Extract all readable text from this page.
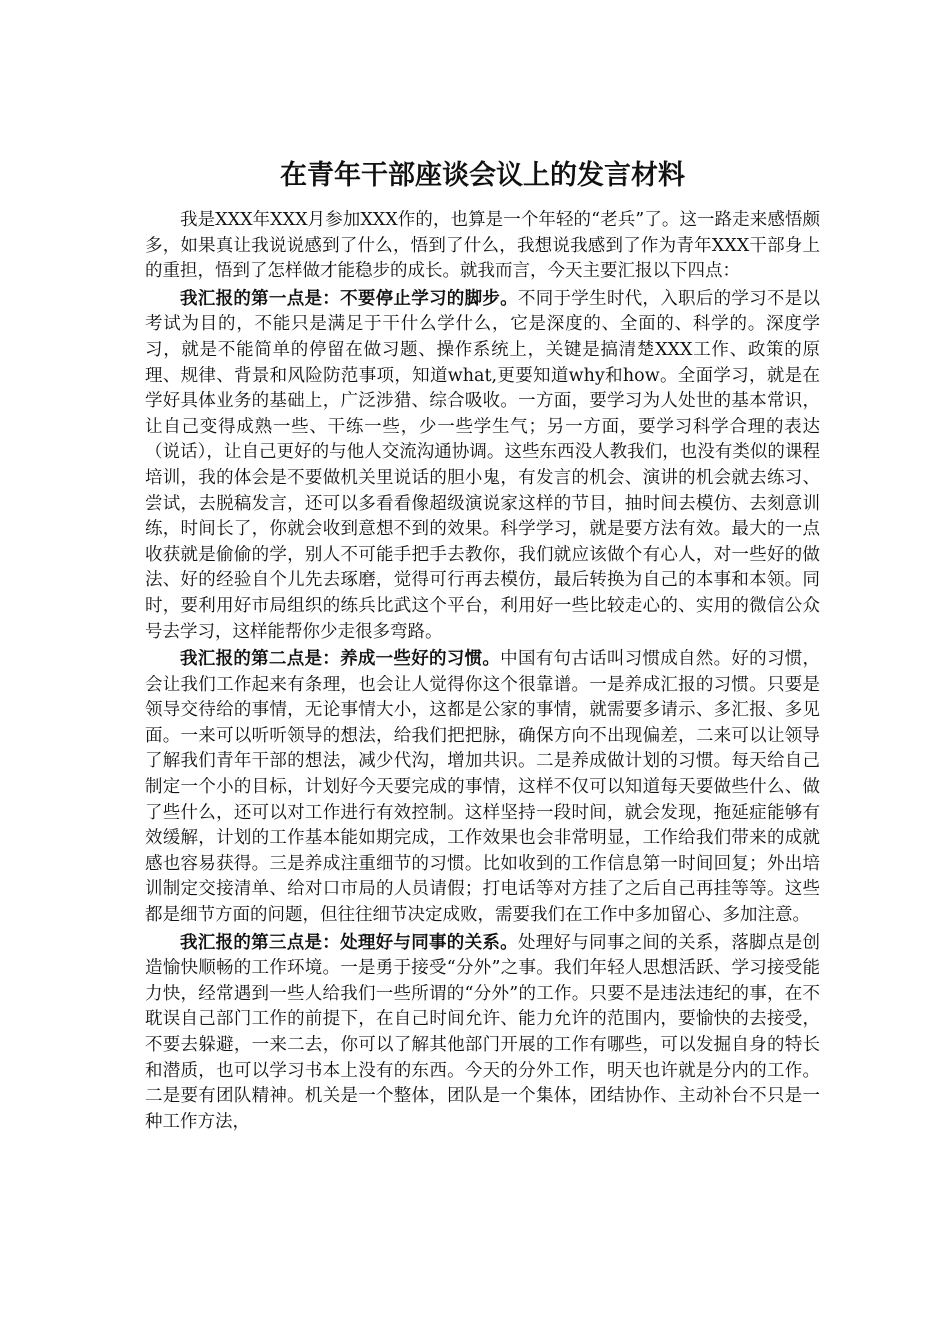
在青年干部座谈会议上的发言材料

我是XXX年XXX月参加XXX作的，也算是一个年轻的“老兵”了。这一路走来感悟颇多，如果真让我说说感到了什么，悟到了什么，我想说我感到了作为青年XXX干部身上的重担，悟到了怎样做才能稳步的成长。就我而言，今天主要汇报以下四点：

我汇报的第一点是：不要停止学习的脚步。不同于学生时代，入职后的学习不是以考试为目的，不能只是满足于干什么学什么，它是深度的、全面的、科学的。深度学习，就是不能简单的停留在做习题、操作系统上，关键是搞清楚XXX工作、政策的原理、规律、背景和风险防范事项，知道what,更要知道why和how。全面学习，就是在学好具体业务的基础上，广泛涉猎、综合吸收。一方面，要学习为人处世的基本常识，让自己变得成熟一些、干练一些，少一些学生气；另一方面，要学习科学合理的表达（说话），让自己更好的与他人交流沟通协调。这些东西没人教我们，也没有类似的课程培训，我的体会是不要做机关里说话的胆小鬼，有发言的机会、演讲的机会就去练习、尝试，去脱稿发言，还可以多看看像超级演说家这样的节目，抽时间去模仿、去刻意训练，时间长了，你就会收到意想不到的效果。科学学习，就是要方法有效。最大的一点收获就是偷偷的学，别人不可能手把手去教你，我们就应该做个有心人，对一些好的做法、好的经验自个儿先去琢磨，觉得可行再去模仿，最后转换为自己的本事和本领。同时，要利用好市局组织的练兵比武这个平台，利用好一些比较走心的、实用的微信公众号去学习，这样能帮你少走很多弯路。

我汇报的第二点是：养成一些好的习惯。中国有句古话叫习惯成自然。好的习惯，会让我们工作起来有条理，也会让人觉得你这个很靠谱。一是养成汇报的习惯。只要是领导交待给的事情，无论事情大小，这都是公家的事情，就需要多请示、多汇报、多见面。一来可以听听领导的想法，给我们把把脉，确保方向不出现偏差，二来可以让领导了解我们青年干部的想法，减少代沟，增加共识。二是养成做计划的习惯。每天给自己制定一个小的目标，计划好今天要完成的事情，这样不仅可以知道每天要做些什么、做了些什么，还可以对工作进行有效控制。这样坚持一段时间，就会发现，拖延症能够有效缓解，计划的工作基本能如期完成，工作效果也会非常明显，工作给我们带来的成就感也容易获得。三是养成注重细节的习惯。比如收到的工作信息第一时间回复；外出培训制定交接清单、给对口市局的人员请假；打电话等对方挂了之后自己再挂等等。这些都是细节方面的问题，但往往细节决定成败，需要我们在工作中多加留心、多加注意。

我汇报的第三点是：处理好与同事的关系。处理好与同事之间的关系，落脚点是创造愉快顺畅的工作环境。一是勇于接受“分外”之事。我们年轻人思想活跃、学习接受能力快，经常遇到一些人给我们一些所谓的“分外”的工作。只要不是违法违纪的事，在不耽误自己部门工作的前提下，在自己时间允许、能力允许的范围内，要愉快的去接受，不要去躲避，一来二去，你可以了解其他部门开展的工作有哪些，可以发掘自身的特长和潜质，也可以学习书本上没有的东西。今天的分外工作，明天也许就是分内的工作。二是要有团队精神。机关是一个整体，团队是一个集体，团结协作、主动补台不只是一种工作方法，
